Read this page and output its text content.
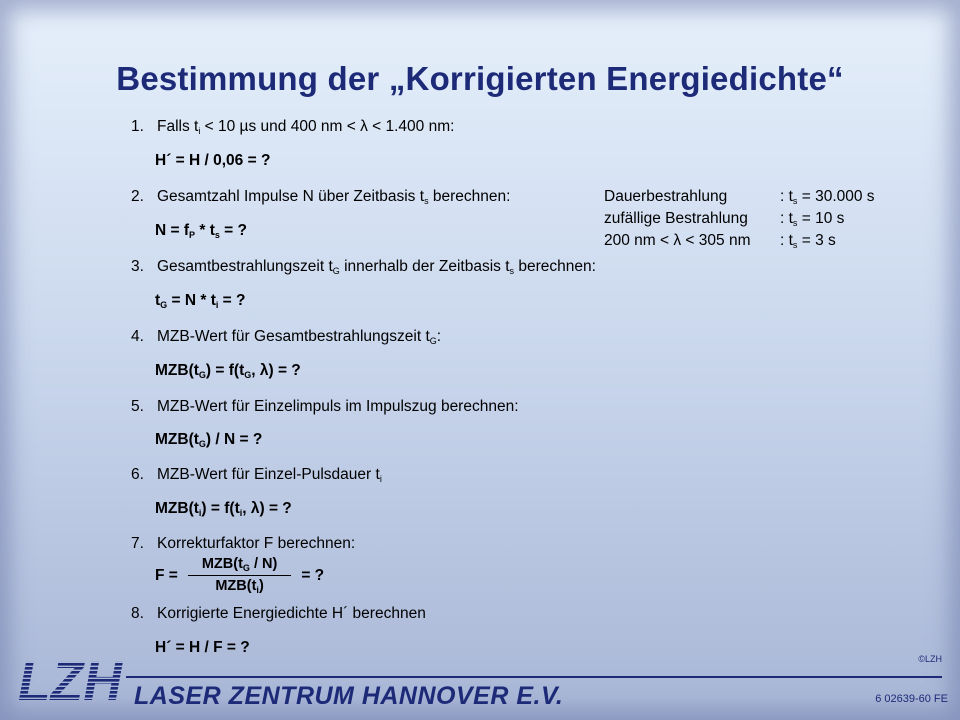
Bestimmung der „Korrigierten Energiedichte“
1. Falls $t_i < 10$ µs und 400 nm < λ < 1.400 nm:
H´ = H / 0,06 = ?
2. Gesamtzahl Impulse N über Zeitbasis $t_s$ berechnen:
$N = f_P * t_s$ = ?
3. Gesamtbestrahlungszeit $t_G$ innerhalb der Zeitbasis $t_s$ berechnen:
$t_G = N * t_i$ = ?
4. MZB-Wert für Gesamtbestrahlungszeit $t_G$:
$MZB(t_G) = f(t_G$, λ) = ?
5. MZB-Wert für Einzelimpuls im Impulszug berechnen:
$MZB(t_G)$ / N = ?
6. MZB-Wert für Einzel-Pulsdauer $t_i$
$MZB(t_i) = f(t_i$, λ) = ?
7. Korrekturfaktor F berechnen:
$F = \frac{MZB(t_G / N)}{MZB(t_i)}$ = ?
8. Korrigierte Energiedichte H´ berechnen
H´ = H / F = ?
Dauerbestrahlung	: $t_s = 30.000$ s
zufällige Bestrahlung	: $t_s = 10$ s
200 nm < λ < 305 nm	: $t_s = 3$ s
©LZH
LZH LASER ZENTRUM HANNOVER E.V.	6 02639-60 FE
